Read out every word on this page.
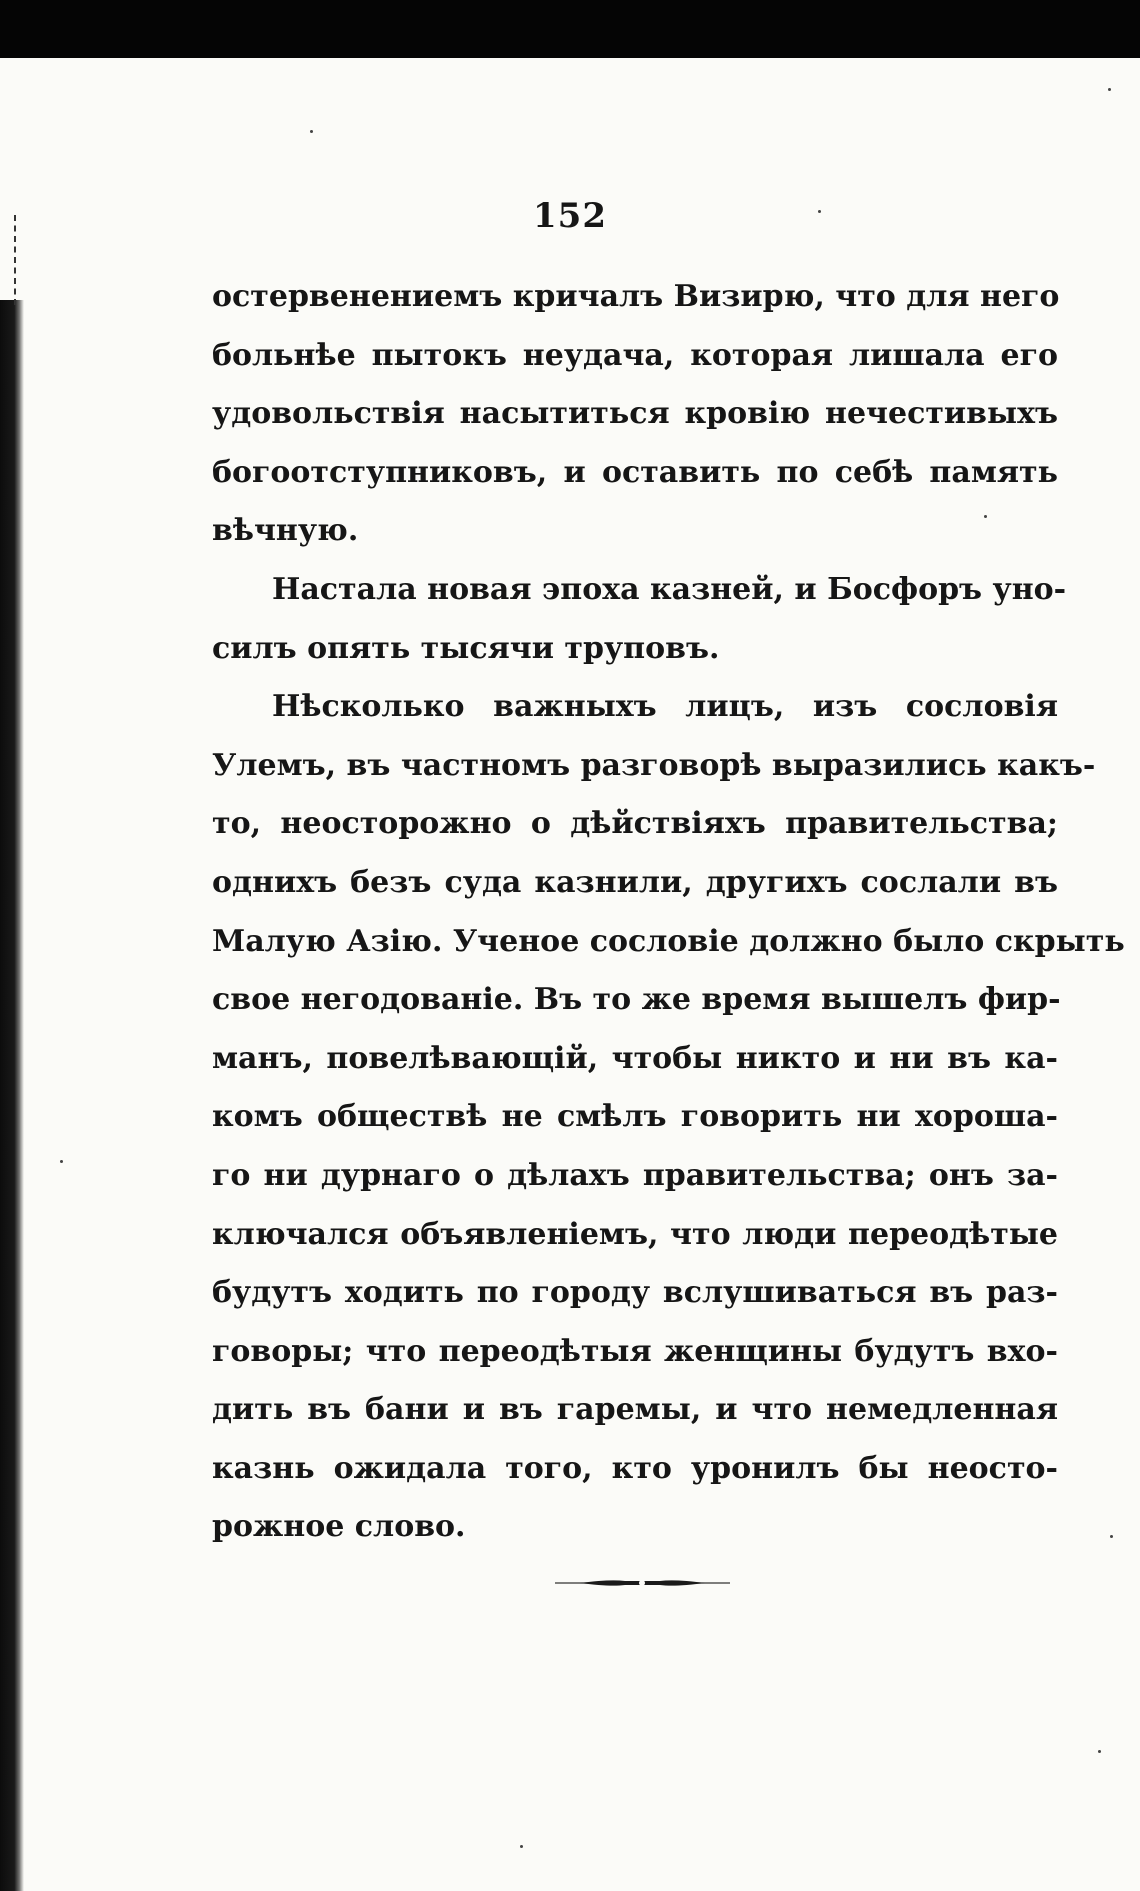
152

остервенениемъ кричалъ Визирю, что для него
больнѣе пытокъ неудача, которая лишала его
удовольствія насытиться кровію нечестивыхъ
богоотступниковъ, и оставить по себѣ память
вѣчную.

Настала новая эпоха казней, и Босфоръ уно-
силъ опять тысячи труповъ.

Нѣсколько важныхъ лицъ, изъ сословія
Улемъ, въ частномъ разговорѣ выразились какъ-
то, неосторожно о дѣйствіяхъ правительства;
однихъ безъ суда казнили, другихъ сослали въ
Малую Азію. Ученое сословіе должно было скрыть
свое негодованіе. Въ то же время вышелъ фир-
манъ, повелѣвающій, чтобы никто и ни въ ка-
комъ обществѣ не смѣлъ говорить ни хороша-
го ни дурнаго о дѣлахъ правительства; онъ за-
ключался объявленіемъ, что люди переодѣтые
будутъ ходить по городу вслушиваться въ раз-
говоры; что переодѣтыя женщины будутъ вхо-
дить въ бани и въ гаремы, и что немедленная
казнь ожидала того, кто уронилъ бы неосто-
рожное слово.
